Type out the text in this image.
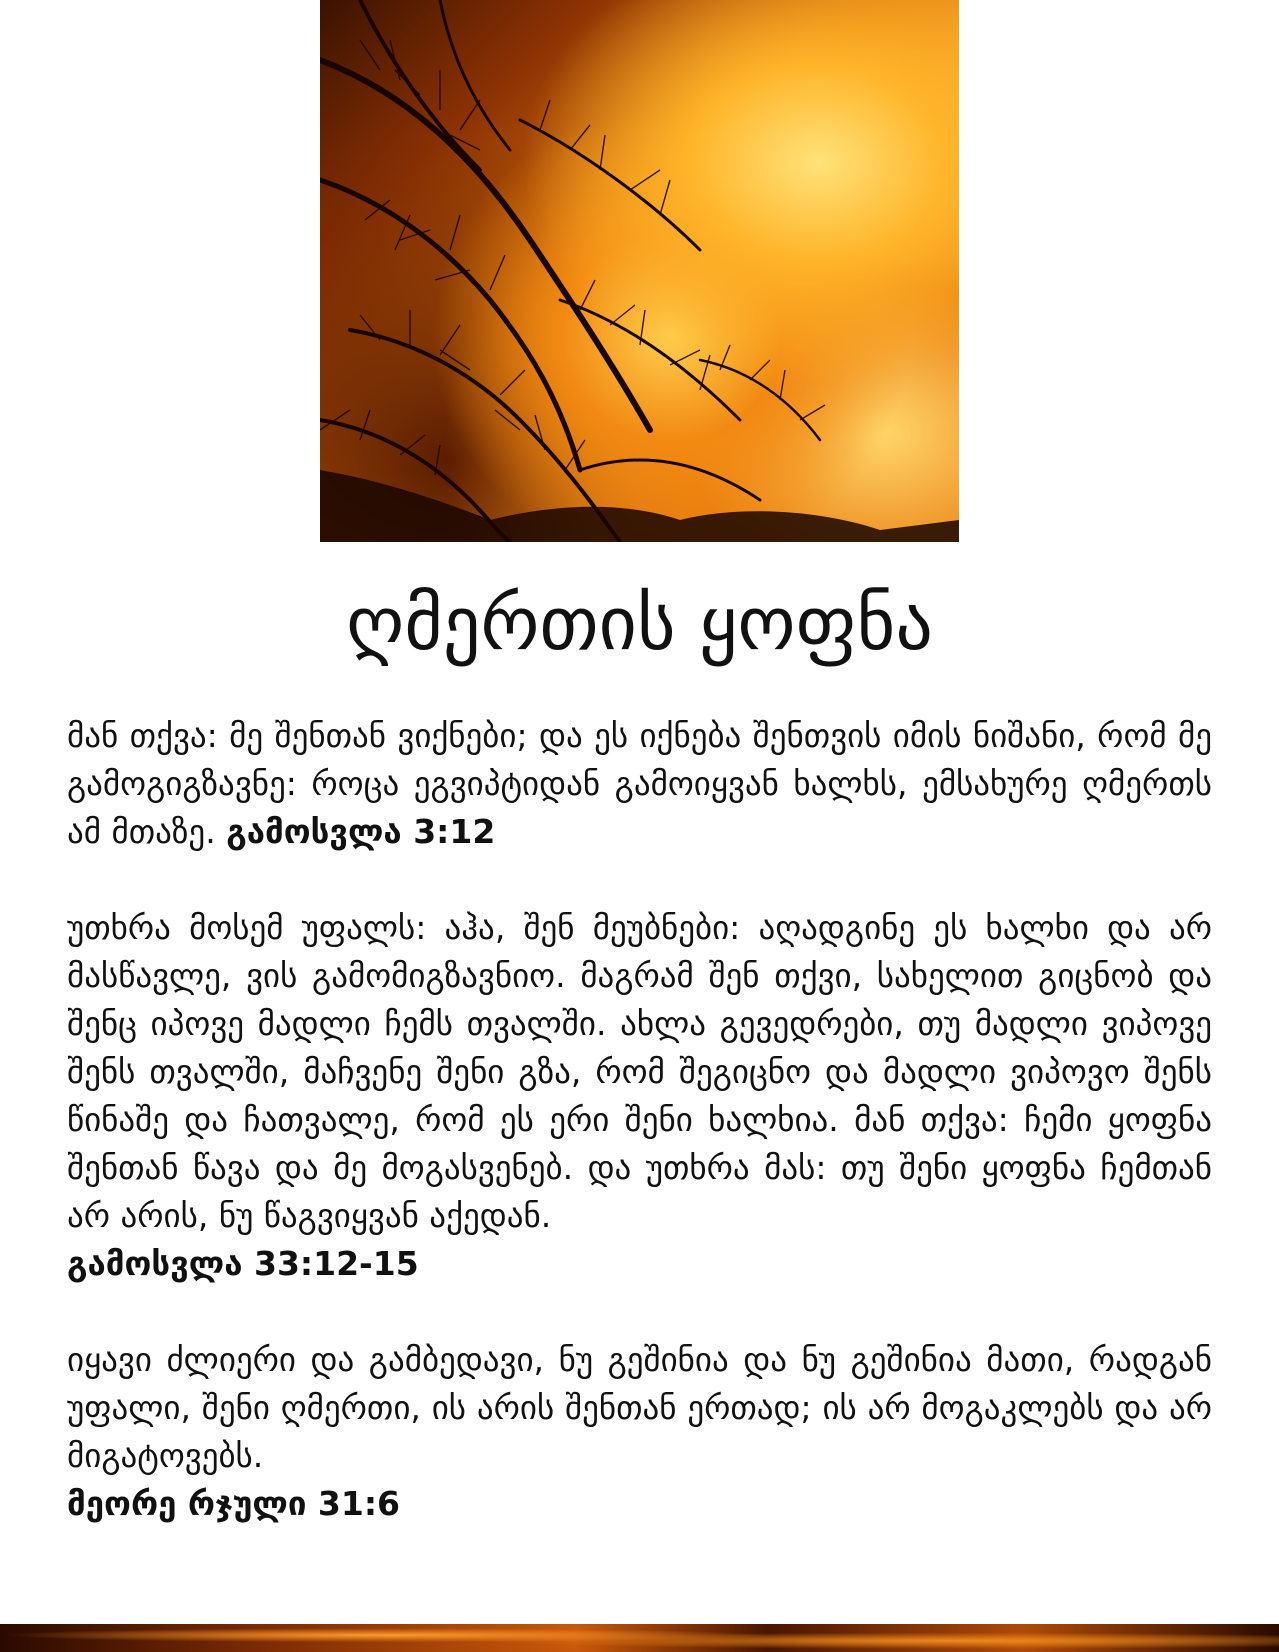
ღმერთის ყოფნა

მან თქვა: მე შენთან ვიქნები; და ეს იქნება შენთვის იმის ნიშანი, რომ მე გამოგიგზავნე: როცა ეგვიპტიდან გამოიყვან ხალხს, ემსახურე ღმერთს ამ მთაზე. გამოსვლა 3:12

უთხრა მოსემ უფალს: აჰა, შენ მეუბნები: აღადგინე ეს ხალხი და არ მასწავლე, ვის გამომიგზავნიო. მაგრამ შენ თქვი, სახელით გიცნობ და შენც იპოვე მადლი ჩემს თვალში. ახლა გევედრები, თუ მადლი ვიპოვე შენს თვალში, მაჩვენე შენი გზა, რომ შეგიცნო და მადლი ვიპოვო შენს წინაშე და ჩათვალე, რომ ეს ერი შენი ხალხია. მან თქვა: ჩემი ყოფნა შენთან წავა და მე მოგასვენებ. და უთხრა მას: თუ შენი ყოფნა ჩემთან არ არის, ნუ წაგვიყვან აქედან.
გამოსვლა 33:12-15

იყავი ძლიერი და გამბედავი, ნუ გეშინია და ნუ გეშინია მათი, რადგან უფალი, შენი ღმერთი, ის არის შენთან ერთად; ის არ მოგაკლებს და არ მიგატოვებს.
მეორე რჯული 31:6
